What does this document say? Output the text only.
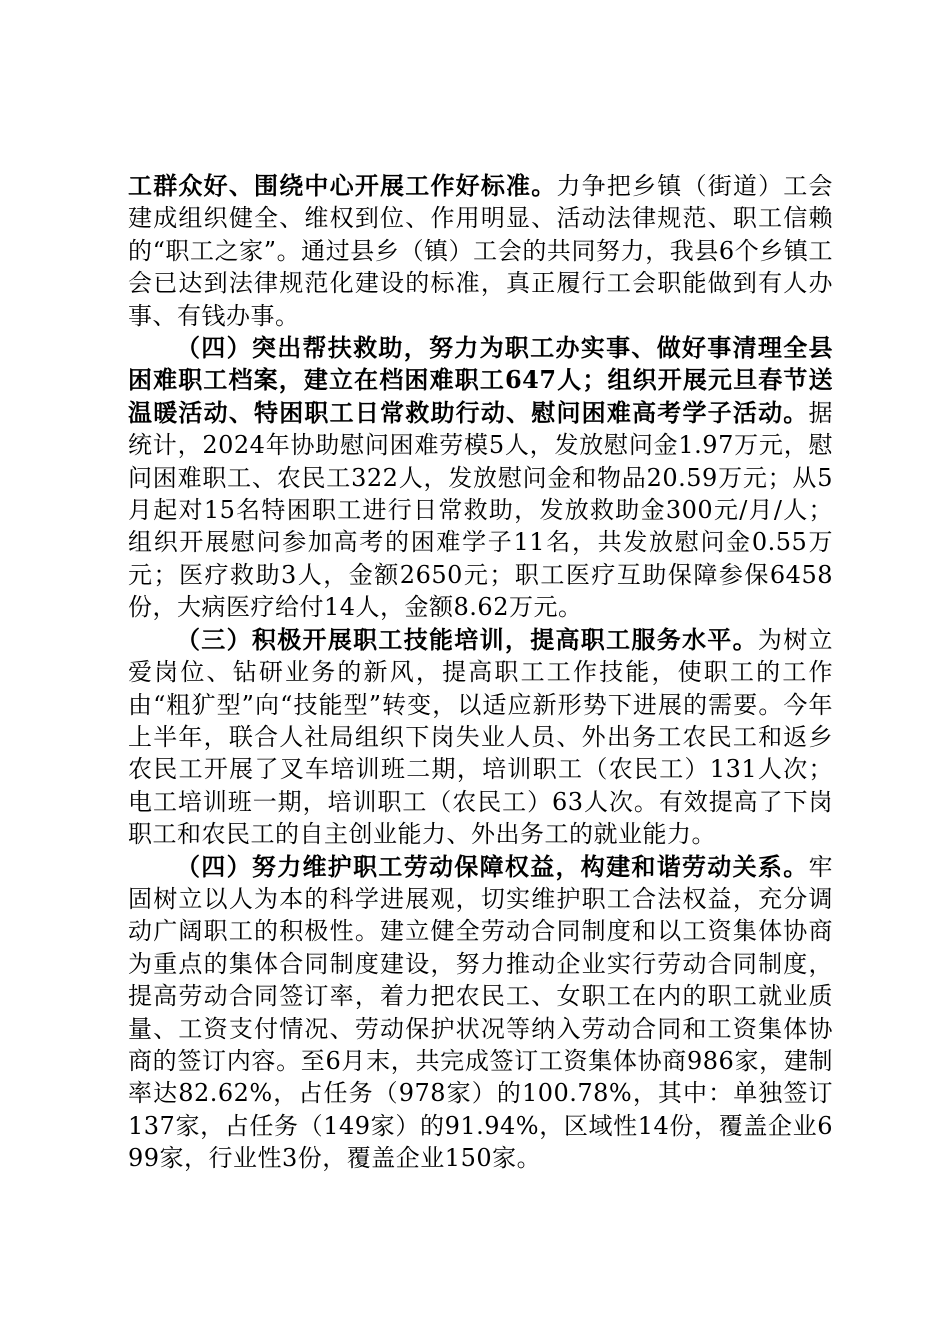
工群众好、围绕中心开展工作好标准。力争把乡镇（街道）工会建成组织健全、维权到位、作用明显、活动法律规范、职工信赖的“职工之家”。通过县乡（镇）工会的共同努力，我县6个乡镇工会已达到法律规范化建设的标准，真正履行工会职能做到有人办事、有钱办事。

（四）突出帮扶救助，努力为职工办实事、做好事清理全县困难职工档案，建立在档困难职工647人；组织开展元旦春节送温暖活动、特困职工日常救助行动、慰问困难高考学子活动。据统计，2024年协助慰问困难劳模5人，发放慰问金1.97万元，慰问困难职工、农民工322人，发放慰问金和物品20.59万元；从5月起对15名特困职工进行日常救助，发放救助金300元/月/人；组织开展慰问参加高考的困难学子11名，共发放慰问金0.55万元；医疗救助3人，金额2650元；职工医疗互助保障参保6458份，大病医疗给付14人，金额8.62万元。

（三）积极开展职工技能培训，提高职工服务水平。为树立爱岗位、钻研业务的新风，提高职工工作技能，使职工的工作由“粗犷型”向“技能型”转变，以适应新形势下进展的需要。今年上半年，联合人社局组织下岗失业人员、外出务工农民工和返乡农民工开展了叉车培训班二期，培训职工（农民工）131人次；电工培训班一期，培训职工（农民工）63人次。有效提高了下岗职工和农民工的自主创业能力、外出务工的就业能力。

（四）努力维护职工劳动保障权益，构建和谐劳动关系。牢固树立以人为本的科学进展观，切实维护职工合法权益，充分调动广阔职工的积极性。建立健全劳动合同制度和以工资集体协商为重点的集体合同制度建设，努力推动企业实行劳动合同制度，提高劳动合同签订率，着力把农民工、女职工在内的职工就业质量、工资支付情况、劳动保护状况等纳入劳动合同和工资集体协商的签订内容。至6月末，共完成签订工资集体协商986家，建制率达82.62%，占任务（978家）的100.78%，其中：单独签订137家，占任务（149家）的91.94%，区域性14份，覆盖企业699家，行业性3份，覆盖企业150家。
